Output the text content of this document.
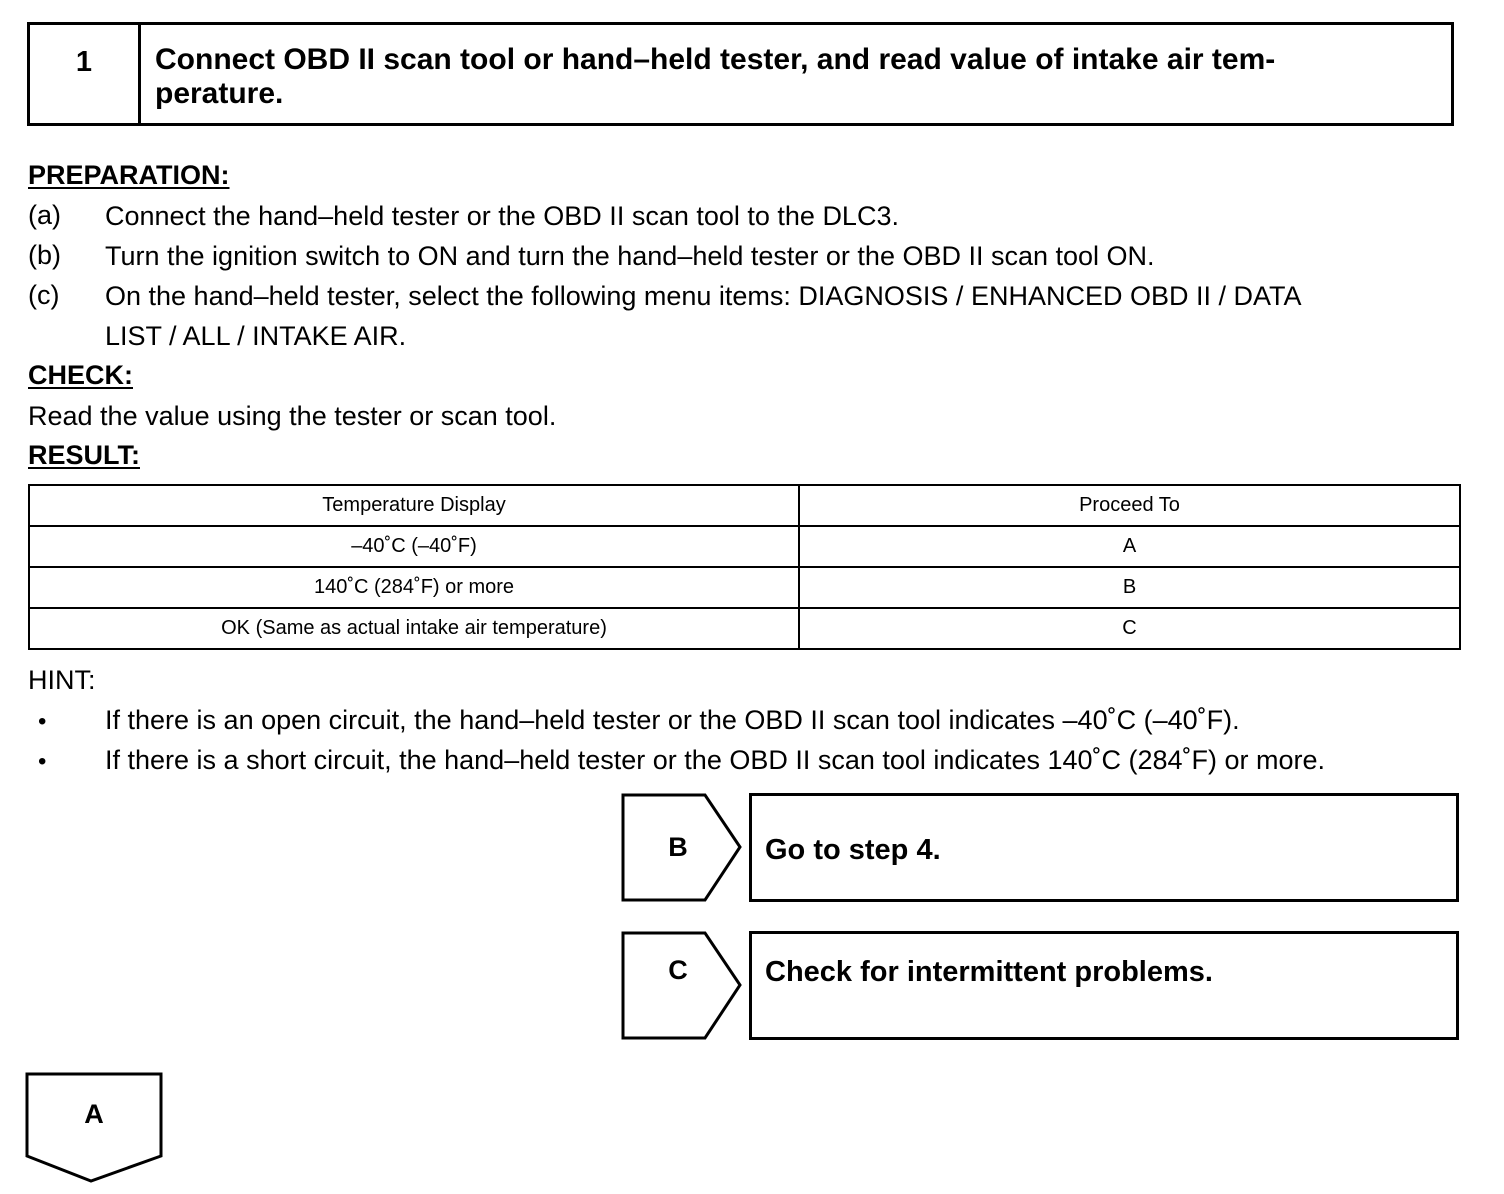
1	Connect OBD II scan tool or hand–held tester, and read value of intake air tem-
perature.
PREPARATION:
(a) Connect the hand–held tester or the OBD II scan tool to the DLC3.
(b) Turn the ignition switch to ON and turn the hand–held tester or the OBD II scan tool ON.
(c) On the hand–held tester, select the following menu items: DIAGNOSIS / ENHANCED OBD II / DATA
LIST / ALL / INTAKE AIR.
CHECK:
Read the value using the tester or scan tool.
RESULT:
Temperature Display	Proceed To
–40˚C (–40˚F)	A
140˚C (284˚F) or more	B
OK (Same as actual intake air temperature)	C
HINT:
• If there is an open circuit, the hand–held tester or the OBD II scan tool indicates –40˚C (–40˚F).
• If there is a short circuit, the hand–held tester or the OBD II scan tool indicates 140˚C (284˚F) or more.
B	Go to step 4.
C	Check for intermittent problems.
A
